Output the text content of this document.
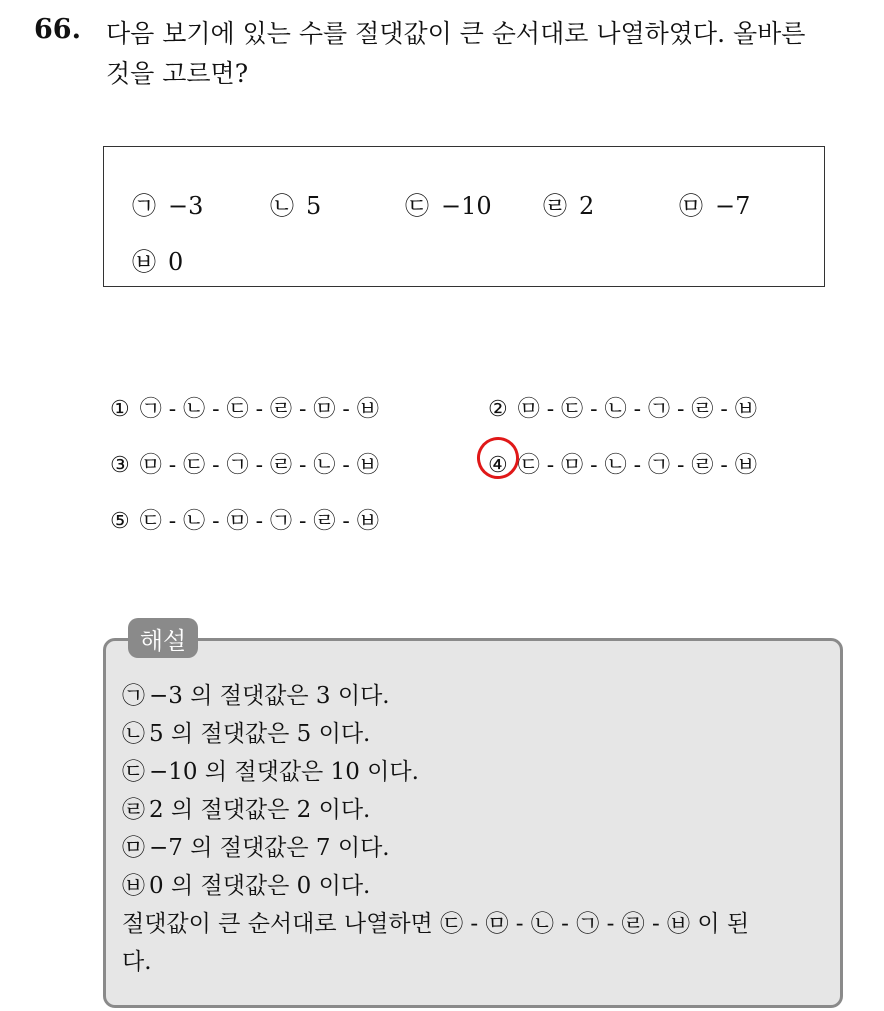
66. 다음 보기에 있는 수를 절댓값이 큰 순서대로 나열하였다. 올바른
것을 고르면?
㉠ −3	㉡ 5	㉢ −10 ㉣ 2	㉤ −7
㉥ 0
① ㉠ - ㉡ - ㉢ - ㉣ - ㉤ - ㉥	② ㉤ - ㉢ - ㉡ - ㉠ - ㉣ - ㉥
③ ㉤ - ㉢ - ㉠ - ㉣ - ㉡ - ㉥	④ ㉢ - ㉤ - ㉡ - ㉠ - ㉣ - ㉥
⑤ ㉢ - ㉡ - ㉤ - ㉠ - ㉣ - ㉥
해설
㉠ −3 의 절댓값은 3 이다.
㉡ 5 의 절댓값은 5 이다.
㉢ −10 의 절댓값은 10 이다.
㉣ 2 의 절댓값은 2 이다.
㉤ −7 의 절댓값은 7 이다.
㉥ 0 의 절댓값은 0 이다.
절댓값이 큰 순서대로 나열하면 ㉢ - ㉤ - ㉡ - ㉠ - ㉣ - ㉥ 이 된
다.
